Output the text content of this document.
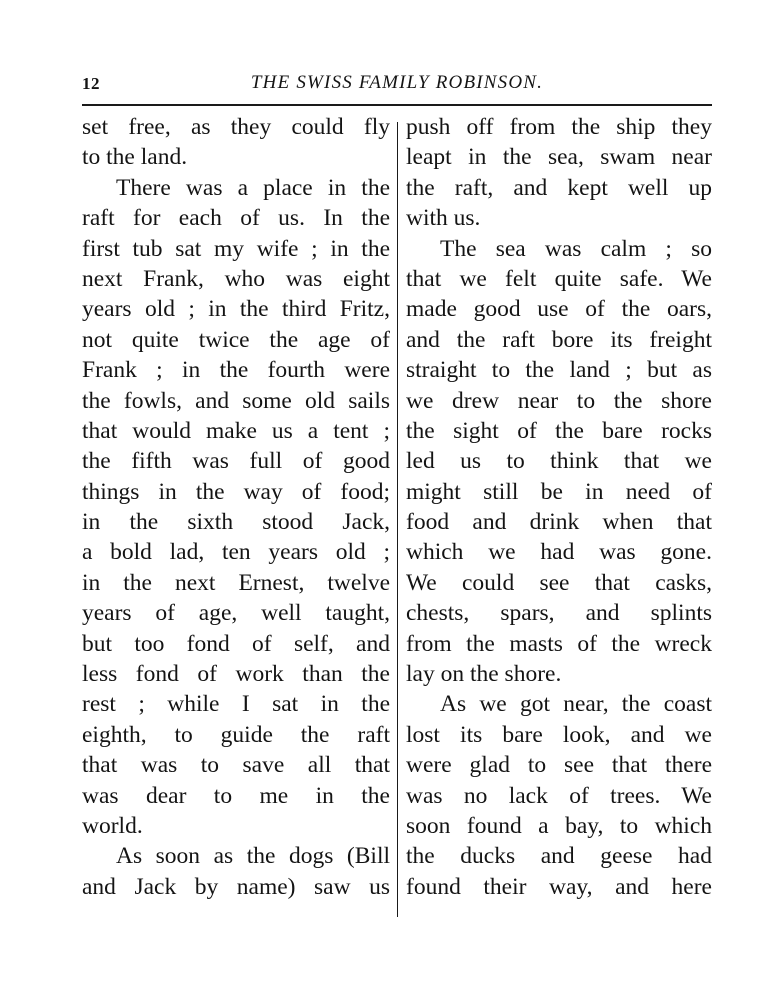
12	THE SWISS FAMILY ROBINSON.
set free, as they could fly
to the land.
There was a place in the
raft for each of us. In the
first tub sat my wife ; in the
next Frank, who was eight
years old ; in the third Fritz,
not quite twice the age of
Frank ; in the fourth were
the fowls, and some old sails
that would make us a tent ;
the fifth was full of good
things in the way of food;
in the sixth stood Jack,
a bold lad, ten years old ;
in the next Ernest, twelve
years of age, well taught,
but too fond of self, and
less fond of work than the
rest ; while I sat in the
eighth, to guide the raft
that was to save all that
was dear to me in the
world.
As soon as the dogs (Bill
and Jack by name) saw us
push off from the ship they
leapt in the sea, swam near
the raft, and kept well up
with us.
The sea was calm ; so
that we felt quite safe. We
made good use of the oars,
and the raft bore its freight
straight to the land ; but as
we drew near to the shore
the sight of the bare rocks
led us to think that we
might still be in need of
food and drink when that
which we had was gone.
We could see that casks,
chests, spars, and splints
from the masts of the wreck
lay on the shore.
As we got near, the coast
lost its bare look, and we
were glad to see that there
was no lack of trees. We
soon found a bay, to which
the ducks and geese had
found their way, and here
